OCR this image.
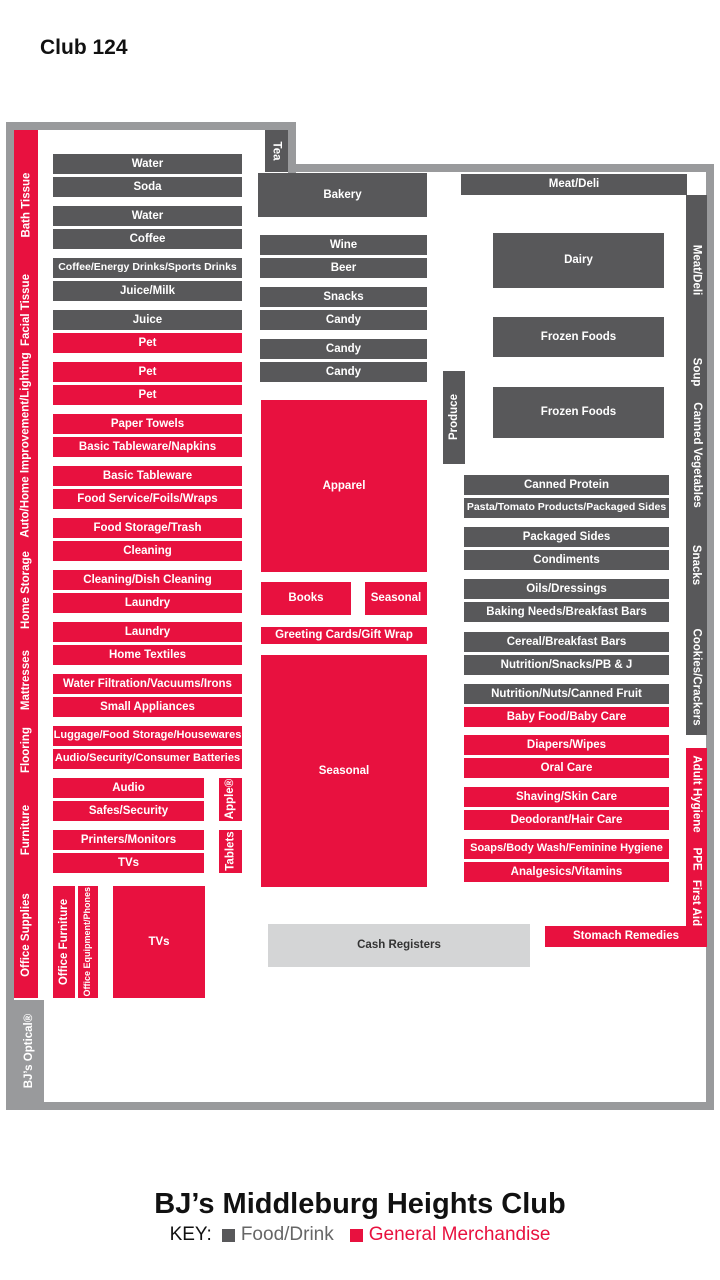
Club 124
Bath Tissue
Facial Tissue
Auto/Home Improvement/Lighting
Home Storage
Mattresses
Flooring
Furniture
Office Supplies
BJ’s Optical®
Water
Soda
Water
Coffee
Coffee/Energy Drinks/Sports Drinks
Juice/Milk
Juice
Pet
Pet
Pet
Paper Towels
Basic Tableware/Napkins
Basic Tableware
Food Service/Foils/Wraps
Food Storage/Trash
Cleaning
Cleaning/Dish Cleaning
Laundry
Laundry
Home Textiles
Water Filtration/Vacuums/Irons
Small Appliances
Luggage/Food Storage/Housewares
Audio/Security/Consumer Batteries
Audio
Safes/Security	Apple®
Printers/Monitors
TVs	Tablets
Office Furniture Office Equipment/Phones	TVs
Tea
Bakery
Wine
Beer
Snacks
Candy
Candy
Candy
Apparel
Produce
Books	Seasonal
Greeting Cards/Gift Wrap
Seasonal
Cash Registers
Meat/Deli
Dairy
Frozen Foods
Frozen Foods
Canned Protein
Pasta/Tomato Products/Packaged Sides
Packaged Sides
Condiments
Oils/Dressings
Baking Needs/Breakfast Bars
Cereal/Breakfast Bars
Nutrition/Snacks/PB & J
Nutrition/Nuts/Canned Fruit
Baby Food/Baby Care
Diapers/Wipes
Oral Care
Shaving/Skin Care
Deodorant/Hair Care
Soaps/Body Wash/Feminine Hygiene
Analgesics/Vitamins
Stomach Remedies
Meat/Deli
Soup
Canned Vegetables
Snacks
Cookies/Crackers
Adult Hygiene
PPE
First Aid
BJ’s Middleburg Heights Club
KEY: Food/Drink General Merchandise
